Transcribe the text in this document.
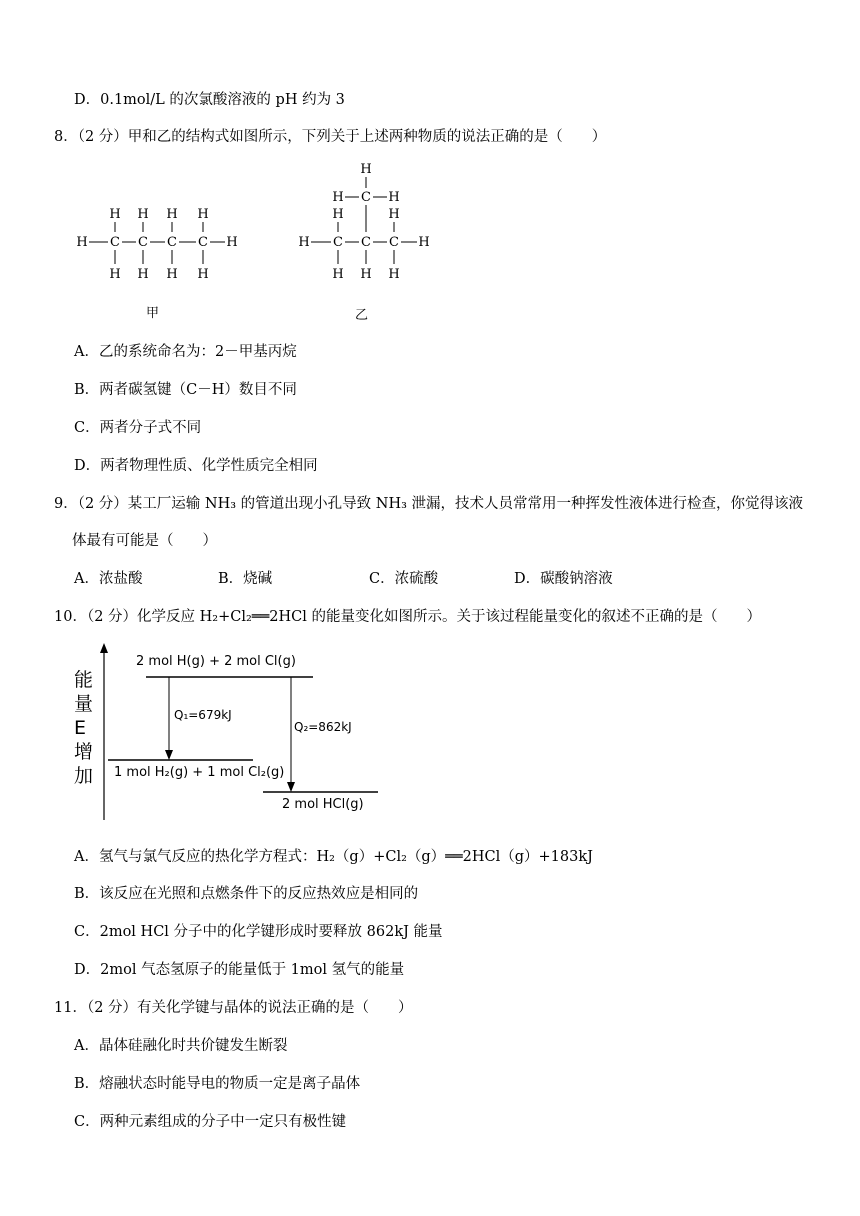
D．0.1mol/L 的次氯酸溶液的 pH 约为 3
8．（2 分）甲和乙的结构式如图所示，下列关于上述两种物质的说法正确的是（　　）
H H H H
H C C C C H
H H H H
甲
H
H C H
H	H
H C C C H
H H H
乙
A．乙的系统命名为：2－甲基丙烷
B．两者碳氢键（C－H）数目不同
C．两者分子式不同
D．两者物理性质、化学性质完全相同
9．（2 分）某工厂运输 NH₃ 的管道出现小孔导致 NH₃ 泄漏，技术人员常常用一种挥发性液体进行检查，你觉得该液
体最有可能是（　　）
A．浓盐酸	B．烧碱	C．浓硫酸	D．碳酸钠溶液
10．（2 分）化学反应 H₂+Cl₂══2HCl 的能量变化如图所示。关于该过程能量变化的叙述不正确的是（　　）
能
量
E
增
加
2 mol H(g) + 2 mol Cl(g)
Q₁=679kJ
Q₂=862kJ
1 mol H₂(g) + 1 mol Cl₂(g)
2 mol HCl(g)
A．氢气与氯气反应的热化学方程式：H₂（g）+Cl₂（g）══2HCl（g）+183kJ
B．该反应在光照和点燃条件下的反应热效应是相同的
C．2mol HCl 分子中的化学键形成时要释放 862kJ 能量
D．2mol 气态氢原子的能量低于 1mol 氢气的能量
11．（2 分）有关化学键与晶体的说法正确的是（　　）
A．晶体硅融化时共价键发生断裂
B．熔融状态时能导电的物质一定是离子晶体
C．两种元素组成的分子中一定只有极性键
